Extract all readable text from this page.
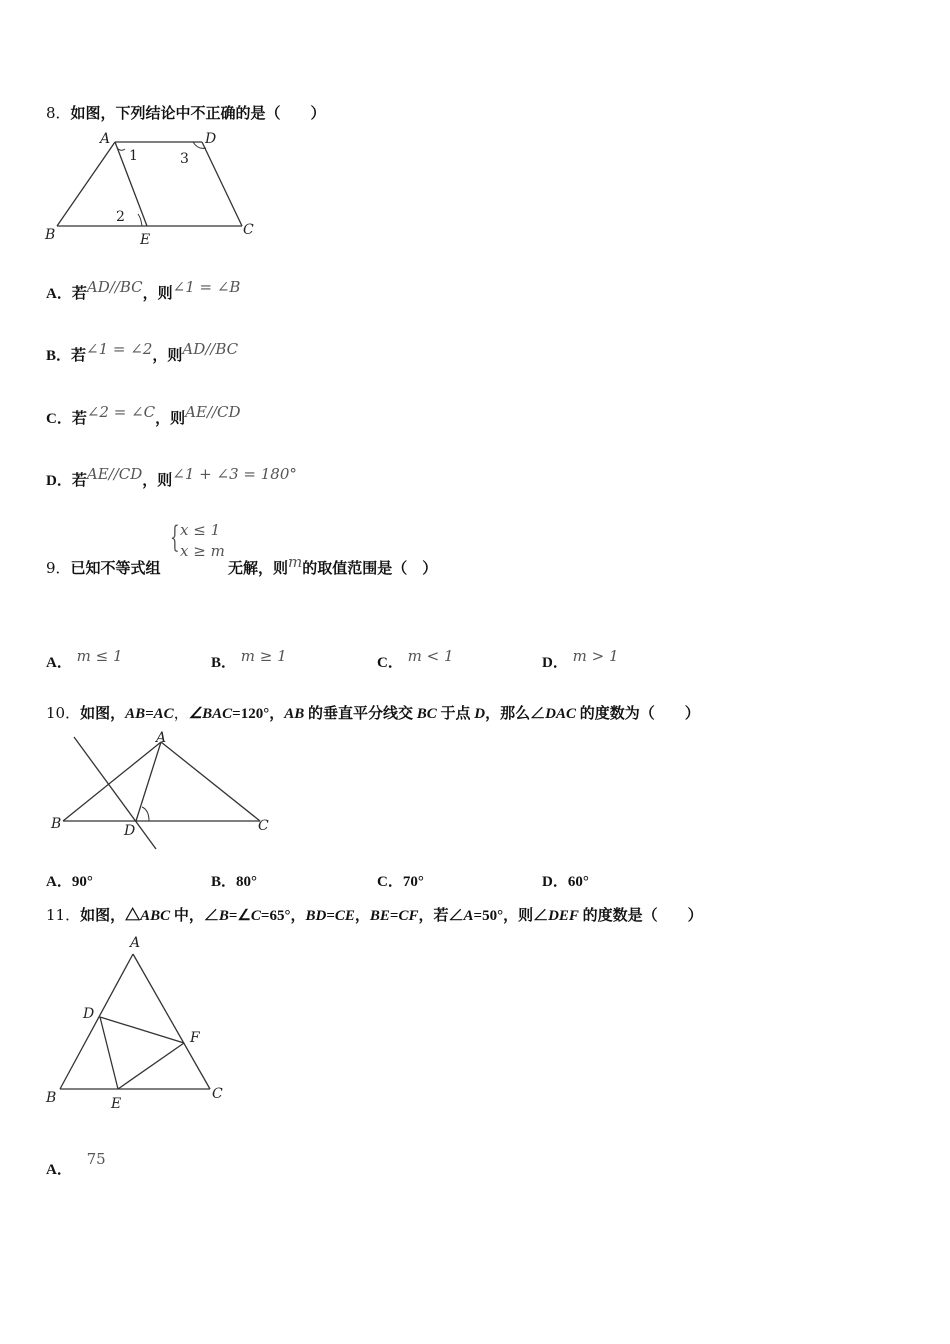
8．如图，下列结论中不正确的是（　　）
A	D
B	E
C
1
2
3
A．若AD//BC，则∠1 = ∠B
B．若∠1 = ∠2，则AD//BC
C．若∠2 = ∠C，则AE//CD
D．若AE//CD，则∠1 + ∠3 = 180°
9．已知不等式组
{ x ≤ 1
x ≥ m
无解，则m的取值范围是（　）
A． m ≤ 1	B． m ≥ 1	C． m < 1	D． m > 1
10．如图，AB=AC，∠BAC=120°，AB 的垂直平分线交 BC 于点 D，那么∠DAC 的度数为（　　）
A
B	D	C
A．90°	B．80°	C．70°	D．60°
11．如图，△ABC 中，∠B=∠C=65°，BD=CE，BE=CF，若∠A=50°，则∠DEF 的度数是（　　）
A
D
F
B	E
C
A． 75
